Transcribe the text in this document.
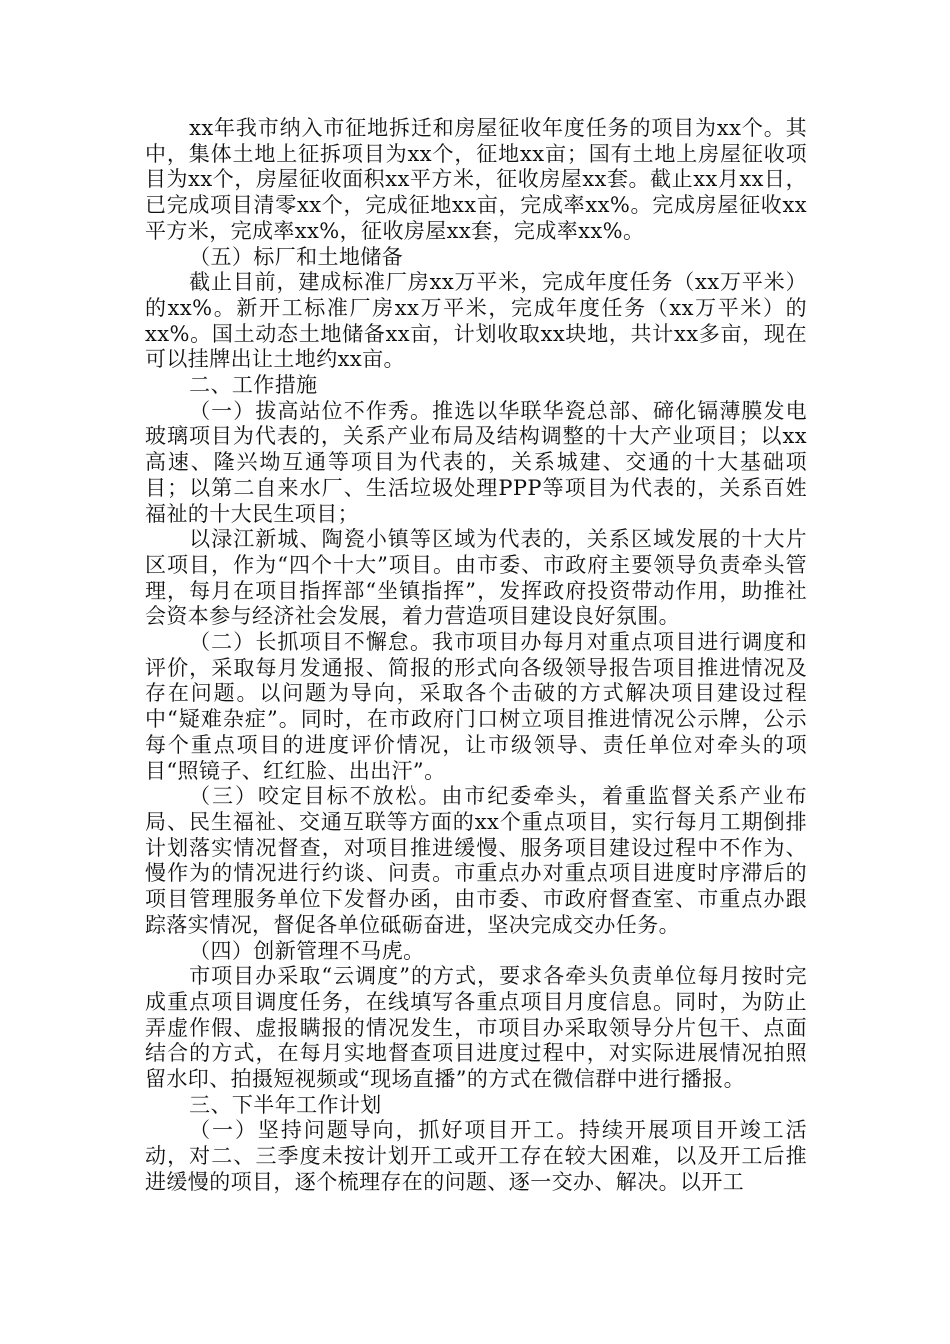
xx年我市纳入市征地拆迁和房屋征收年度任务的项目为xx个。其中，集体土地上征拆项目为xx个，征地xx亩；国有土地上房屋征收项目为xx个，房屋征收面积xx平方米，征收房屋xx套。截止xx月xx日，已完成项目清零xx个，完成征地xx亩，完成率xx%。完成房屋征收xx平方米，完成率xx%，征收房屋xx套，完成率xx%。

（五）标厂和土地储备

截止目前，建成标准厂房xx万平米，完成年度任务（xx万平米）的xx%。新开工标准厂房xx万平米，完成年度任务（xx万平米）的xx%。国土动态土地储备xx亩，计划收取xx块地，共计xx多亩，现在可以挂牌出让土地约xx亩。

二、工作措施

（一）拔高站位不作秀。推选以华联华瓷总部、碲化镉薄膜发电玻璃项目为代表的，关系产业布局及结构调整的十大产业项目；以xx高速、隆兴坳互通等项目为代表的，关系城建、交通的十大基础项目；以第二自来水厂、生活垃圾处理PPP等项目为代表的，关系百姓福祉的十大民生项目；

以渌江新城、陶瓷小镇等区域为代表的，关系区域发展的十大片区项目，作为“四个十大”项目。由市委、市政府主要领导负责牵头管理，每月在项目指挥部“坐镇指挥”，发挥政府投资带动作用，助推社会资本参与经济社会发展，着力营造项目建设良好氛围。

（二）长抓项目不懈怠。我市项目办每月对重点项目进行调度和评价，采取每月发通报、简报的形式向各级领导报告项目推进情况及存在问题。以问题为导向，采取各个击破的方式解决项目建设过程中“疑难杂症”。同时，在市政府门口树立项目推进情况公示牌，公示每个重点项目的进度评价情况，让市级领导、责任单位对牵头的项目“照镜子、红红脸、出出汗”。

（三）咬定目标不放松。由市纪委牵头，着重监督关系产业布局、民生福祉、交通互联等方面的xx个重点项目，实行每月工期倒排计划落实情况督查，对项目推进缓慢、服务项目建设过程中不作为、慢作为的情况进行约谈、问责。市重点办对重点项目进度时序滞后的项目管理服务单位下发督办函，由市委、市政府督查室、市重点办跟踪落实情况，督促各单位砥砺奋进，坚决完成交办任务。

（四）创新管理不马虎。

市项目办采取“云调度”的方式，要求各牵头负责单位每月按时完成重点项目调度任务，在线填写各重点项目月度信息。同时，为防止弄虚作假、虚报瞒报的情况发生，市项目办采取领导分片包干、点面结合的方式，在每月实地督查项目进度过程中，对实际进展情况拍照留水印、拍摄短视频或“现场直播”的方式在微信群中进行播报。

三、下半年工作计划

（一）坚持问题导向，抓好项目开工。持续开展项目开竣工活动，对二、三季度未按计划开工或开工存在较大困难，以及开工后推进缓慢的项目，逐个梳理存在的问题、逐一交办、解决。以开工
